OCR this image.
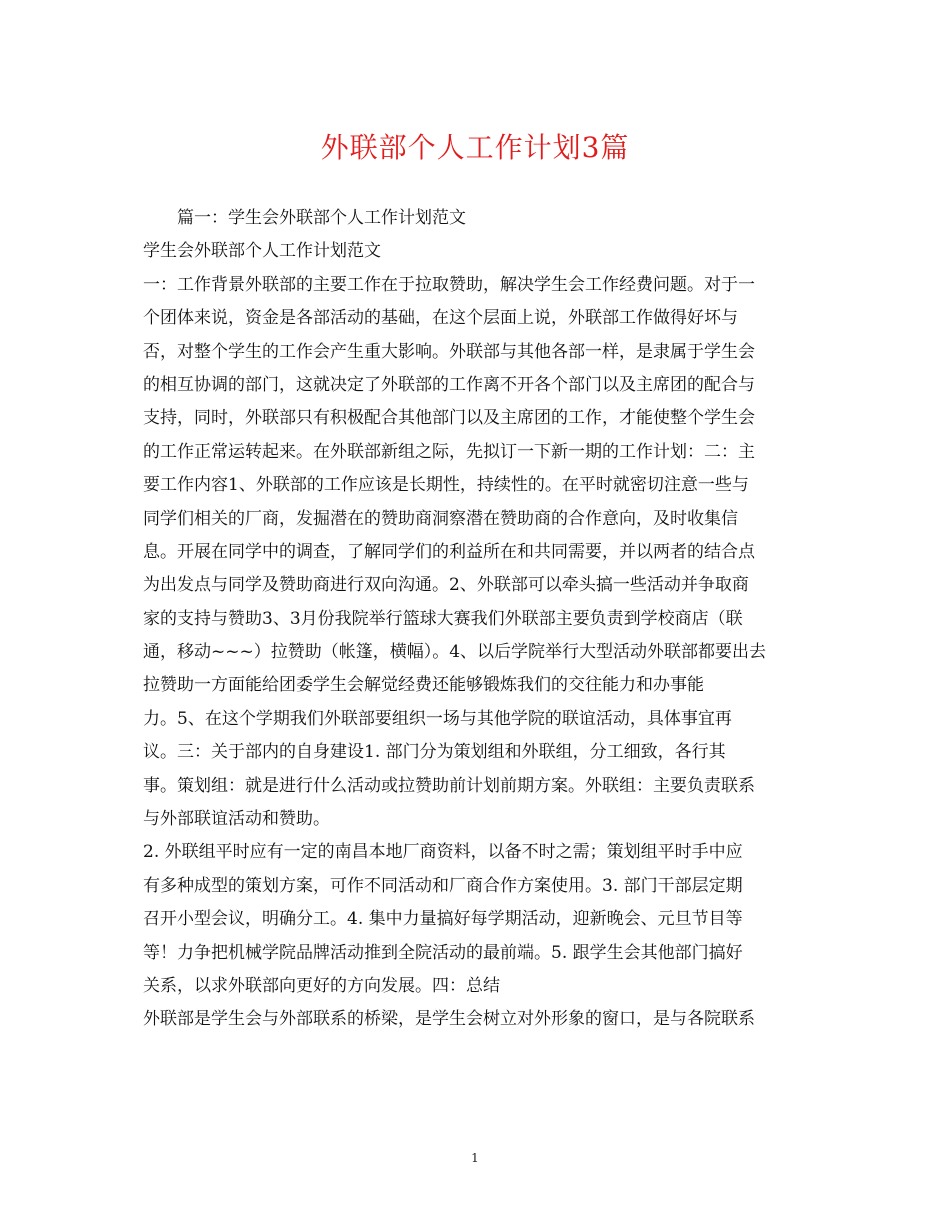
外联部个人工作计划3篇
篇一：学生会外联部个人工作计划范文
学生会外联部个人工作计划范文
一：工作背景外联部的主要工作在于拉取赞助，解决学生会工作经费问题。对于一
个团体来说，资金是各部活动的基础，在这个层面上说，外联部工作做得好坏与
否，对整个学生的工作会产生重大影响。外联部与其他各部一样，是隶属于学生会
的相互协调的部门，这就决定了外联部的工作离不开各个部门以及主席团的配合与
支持，同时，外联部只有积极配合其他部门以及主席团的工作，才能使整个学生会
的工作正常运转起来。在外联部新组之际，先拟订一下新一期的工作计划：二：主
要工作内容1、外联部的工作应该是长期性，持续性的。在平时就密切注意一些与
同学们相关的厂商，发掘潜在的赞助商洞察潜在赞助商的合作意向，及时收集信
息。开展在同学中的调查，了解同学们的利益所在和共同需要，并以两者的结合点
为出发点与同学及赞助商进行双向沟通。2、外联部可以牵头搞一些活动并争取商
家的支持与赞助3、3月份我院举行篮球大赛我们外联部主要负责到学校商店（联
通，移动~~~）拉赞助（帐篷，横幅）。4、以后学院举行大型活动外联部都要出去
拉赞助一方面能给团委学生会解觉经费还能够锻炼我们的交往能力和办事能
力。5、在这个学期我们外联部要组织一场与其他学院的联谊活动，具体事宜再
议。三：关于部内的自身建设1. 部门分为策划组和外联组，分工细致，各行其
事。策划组：就是进行什么活动或拉赞助前计划前期方案。外联组：主要负责联系
与外部联谊活动和赞助。
2. 外联组平时应有一定的南昌本地厂商资料，以备不时之需；策划组平时手中应
有多种成型的策划方案，可作不同活动和厂商合作方案使用。3. 部门干部层定期
召开小型会议，明确分工。4. 集中力量搞好每学期活动，迎新晚会、元旦节目等
等！力争把机械学院品牌活动推到全院活动的最前端。5. 跟学生会其他部门搞好
关系，以求外联部向更好的方向发展。四：总结
外联部是学生会与外部联系的桥梁，是学生会树立对外形象的窗口，是与各院联系
1
